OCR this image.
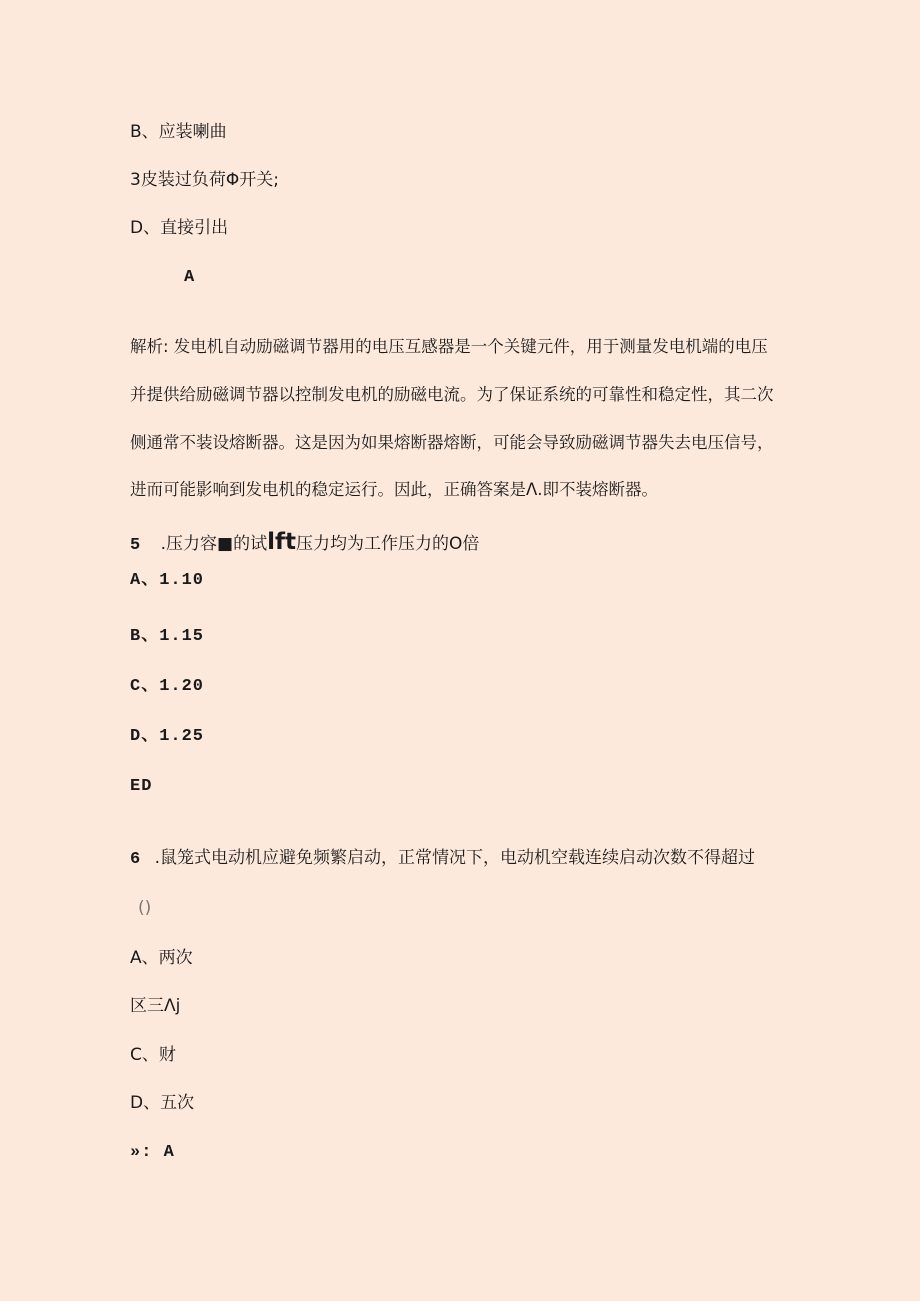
B、应装喇曲
3皮装过负荷Φ开关;
D、直接引出
A
解析: 发电机自动励磁调节器用的电压互感器是一个关键元件，用于测量发电机端的电压
并提供给励磁调节器以控制发电机的励磁电流。为了保证系统的可靠性和稳定性，其二次
侧通常不装设熔断器。这是因为如果熔断器熔断，可能会导致励磁调节器失去电压信号，
进而可能影响到发电机的稳定运行。因此，正确答案是Λ.即不装熔断器。
5 .压力容■的试lft压力均为工作压力的O倍
A、1.10
B、1.15
C、1.20
D、1.25
ED
6 .鼠笼式电动机应避免频繁启动，正常情况下，电动机空载连续启动次数不得超过
()
A、两次
区三Λj
C、财
D、五次
»: A
